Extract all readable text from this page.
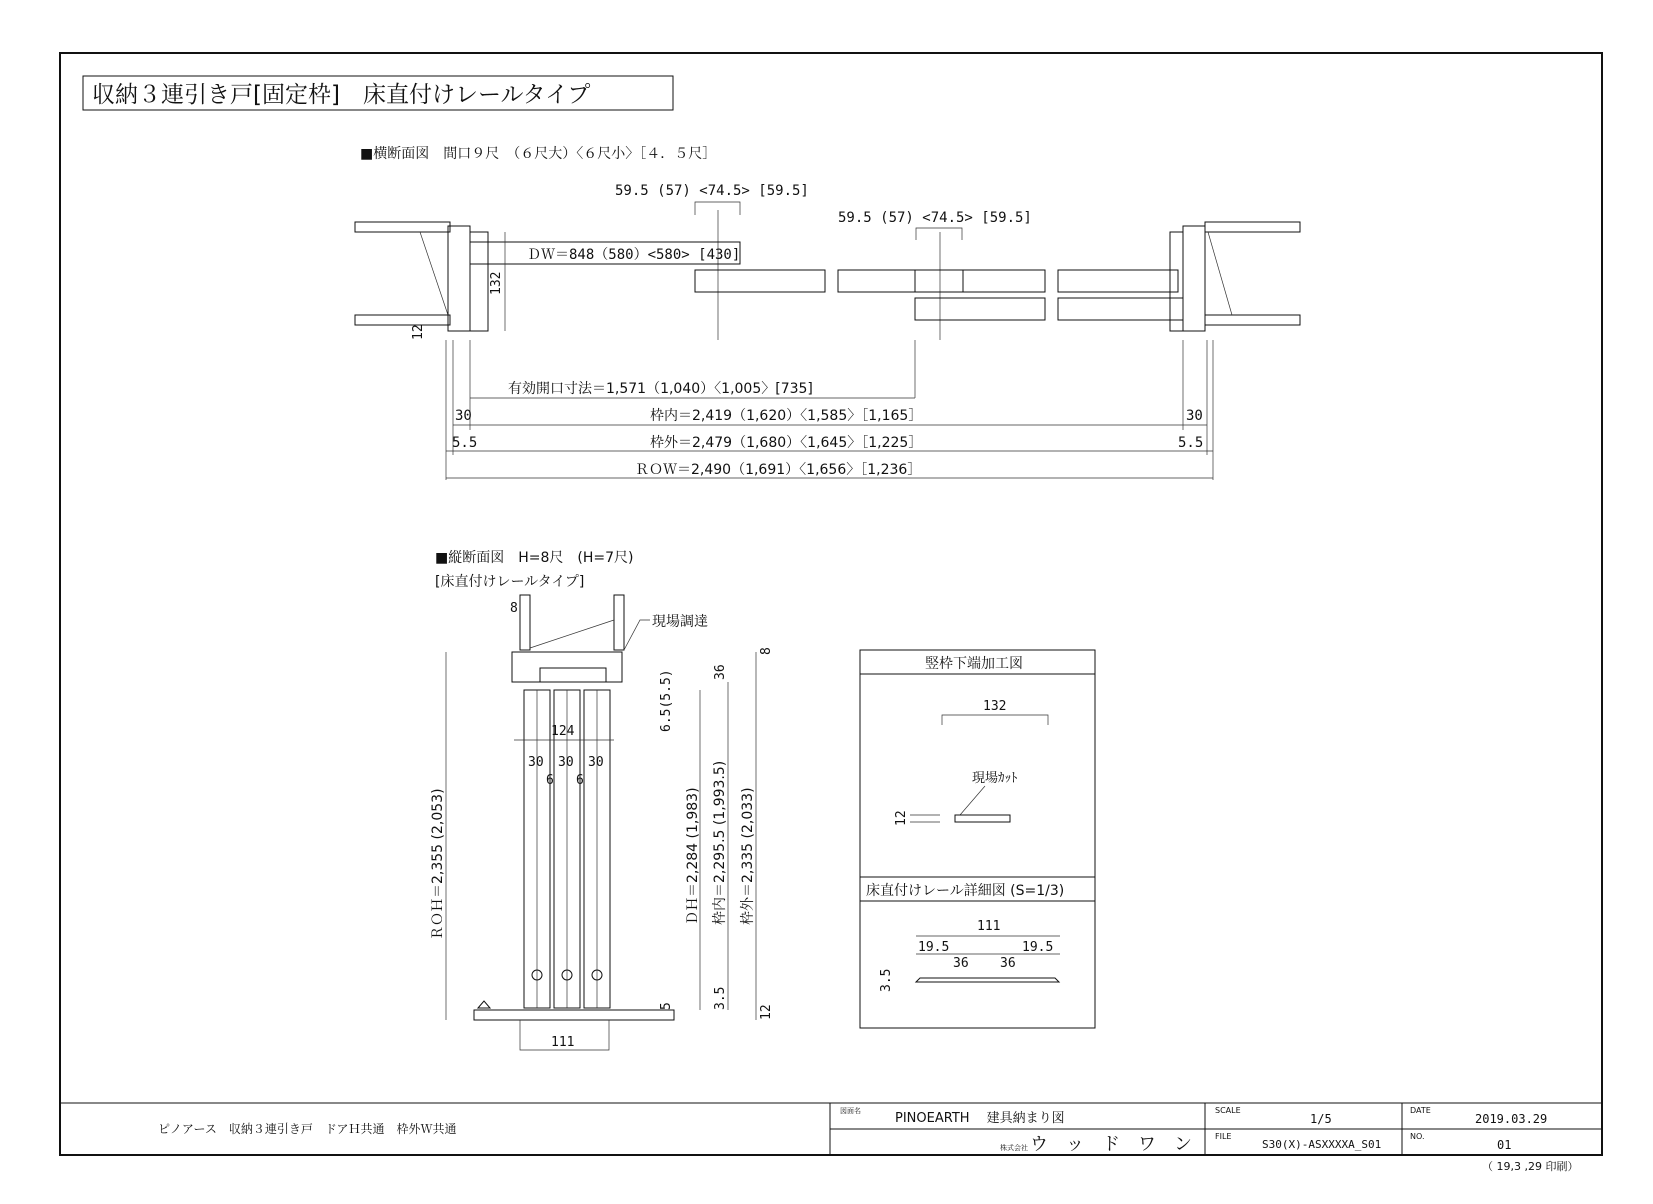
収納３連引き戸[固定枠]　床直付けレールタイプ
■横断面図　間口９尺　（６尺大）〈６尺小〉［４．５尺］
59.5 (57) <74.5> [59.5]
59.5 (57) <74.5> [59.5]
ＤＷ＝848（580）<580> [430]
132
12
有効開口寸法＝1,571（1,040）〈1,005〉[735]
30	枠内＝2,419（1,620）〈1,585〉［1,165］	30
5.5	枠外＝2,479（1,680）〈1,645〉［1,225］	5.5
ＲＯＷ＝2,490（1,691）〈1,656〉［1,236］
■縦断面図　H=8尺　(H=7尺)
[床直付けレールタイプ]
8
現場調達
124
30 30 30
6 6
111
ＲＯＨ＝2,355 (2,053)	ＤＨ＝2,284 (1,983) 枠内＝2,295.5 (1,993.5) 枠外＝2,335 (2,033)
36
6.5(5.5)
8
5	3.5
12
竪枠下端加工図
132
現場ｶｯﾄ
12
床直付けレール詳細図 (S=1/3)
111
19.5	19.5
36 36
3.5
ピノアース　収納３連引き戸　ドアＨ共通　枠外Ｗ共通
図面名	PINOEARTH　 建具納まり図
株式会社 ウ　ッ　ド　ワ　ン
SCALE
1/5
FILE
S30(X)-ASXXXXA_S01
DATE
2019.03.29
NO.
01
（ 19,3 ,29 印刷）
